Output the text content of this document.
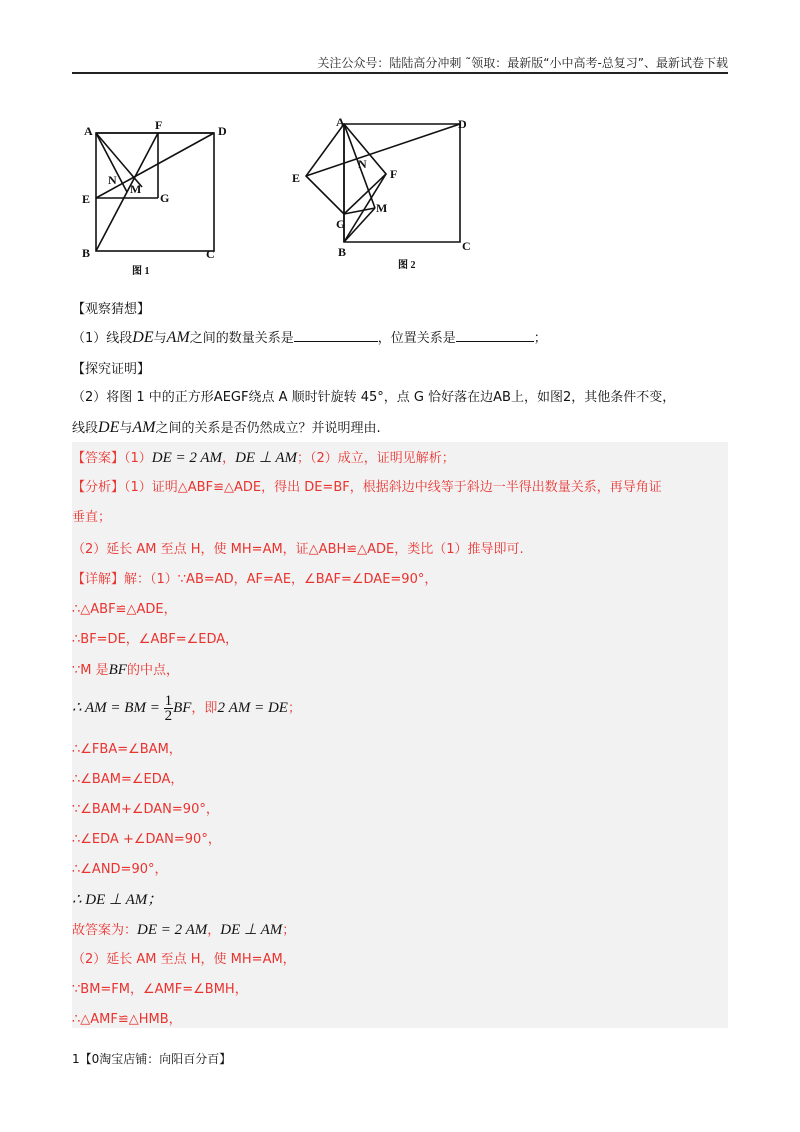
关注公众号：陆陆高分冲刺 ˜领取：最新版“小中高考-总复习”、最新试卷下载
A	F	D
E
N
M
G
B	C
图 1
A	D
E
N
F
M
G
B	C
图 2
【观察猜想】
（1）线段DE与AM之间的数量关系是	，位置关系是	；
【探究证明】
（2）将图 1 中的正方形AEGF绕点 A 顺时针旋转 45°，点 G 恰好落在边AB上，如图2，其他条件不变，
线段DE与AM之间的关系是否仍然成立？并说明理由.
【答案】（1）DE = 2 AM，DE ⊥ AM；（2）成立，证明见解析；
【分析】（1）证明△ABF≌△ADE，得出 DE=BF，根据斜边中线等于斜边一半得出数量关系，再导角证
垂直；
（2）延长 AM 至点 H，使 MH=AM，证△ABH≌△ADE，类比（1）推导即可.
【详解】解：（1）∵AB=AD，AF=AE，∠BAF=∠DAE=90°，
∴△ABF≌△ADE，
∴BF=DE，∠ABF=∠EDA，
∵M 是BF的中点，
∴ AM = BM = $\frac{1}{2}$ BF，即2 AM = DE；
∴∠FBA=∠BAM，
∴∠BAM=∠EDA，
∵∠BAM+∠DAN=90°，
∴∠EDA +∠DAN=90°，
∴∠AND=90°，
∴ DE ⊥ AM；
故答案为：DE = 2 AM，DE ⊥ AM；
（2）延长 AM 至点 H，使 MH=AM，
∵BM=FM，∠AMF=∠BMH，
∴△AMF≌△HMB，
1【0淘宝店铺：向阳百分百】
